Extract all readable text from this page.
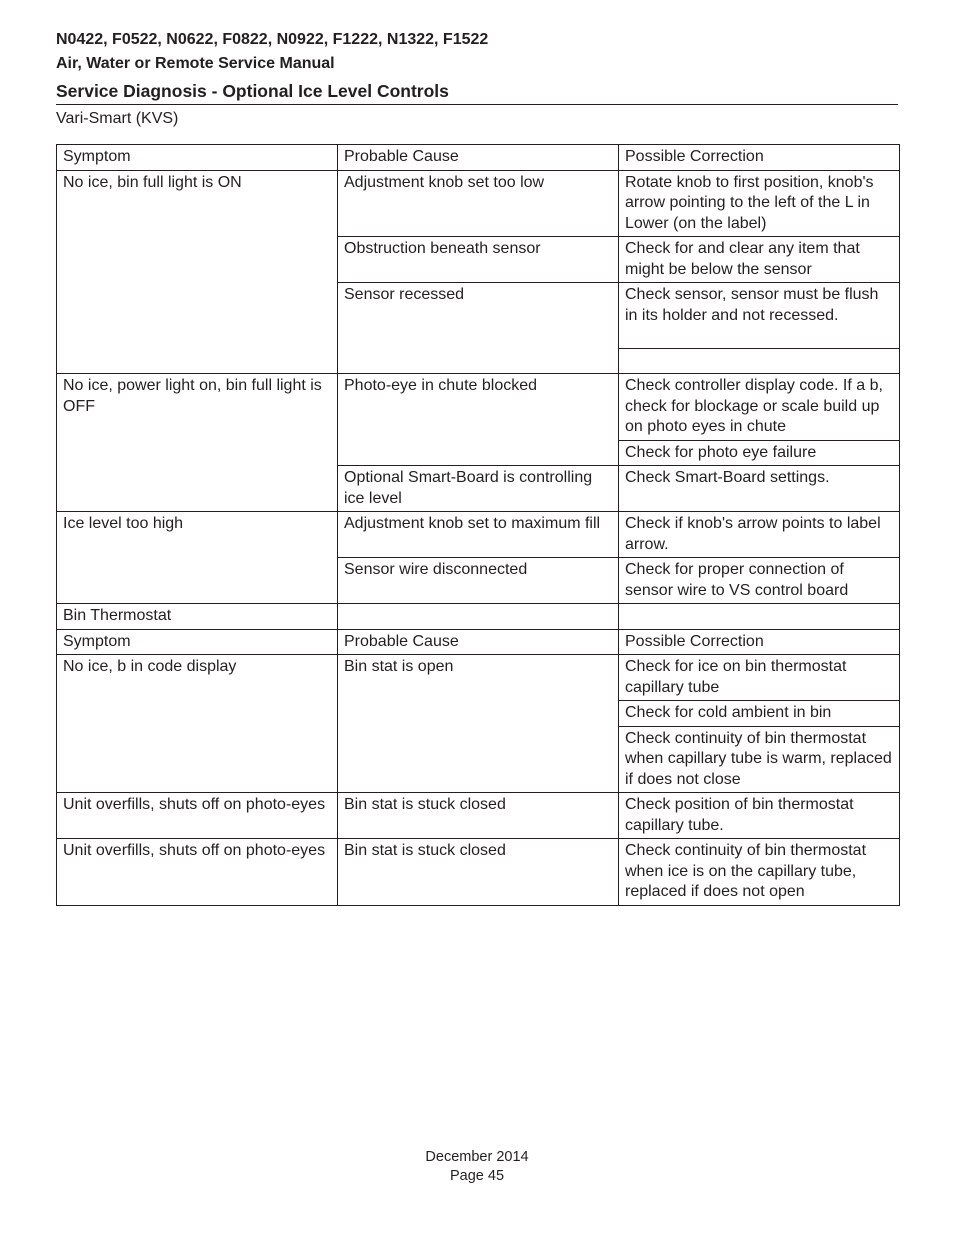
N0422, F0522, N0622, F0822, N0922, F1222, N1322, F1522

Air, Water or Remote Service Manual

Service Diagnosis - Optional Ice Level Controls

Vari-Smart (KVS)

Symptom	Probable Cause	Possible Correction
No ice, bin full light is ON	Adjustment knob set too low	Rotate knob to first position, knob's arrow pointing to the left of the L in Lower (on the label)
	Obstruction beneath sensor	Check for and clear any item that might be below the sensor
	Sensor recessed	Check sensor, sensor must be flush in its holder and not recessed.

No ice, power light on, bin full light is OFF	Photo-eye in chute blocked	Check controller display code. If a b, check for blockage or scale build up on photo eyes in chute
		Check for photo eye failure
	Optional Smart-Board is controlling ice level	Check Smart-Board settings.
Ice level too high	Adjustment knob set to maximum fill	Check if knob's arrow points to label arrow.
	Sensor wire disconnected	Check for proper connection of sensor wire to VS control board
Bin Thermostat		
Symptom	Probable Cause	Possible Correction
No ice, b in code display	Bin stat is open	Check for ice on bin thermostat capillary tube
		Check for cold ambient in bin
		Check continuity of bin thermostat when capillary tube is warm, replaced if does not close
Unit overfills, shuts off on photo-eyes	Bin stat is stuck closed	Check position of bin thermostat capillary tube.
Unit overfills, shuts off on photo-eyes	Bin stat is stuck closed	Check continuity of bin thermostat when ice is on the capillary tube, replaced if does not open
December 2014
Page 45
